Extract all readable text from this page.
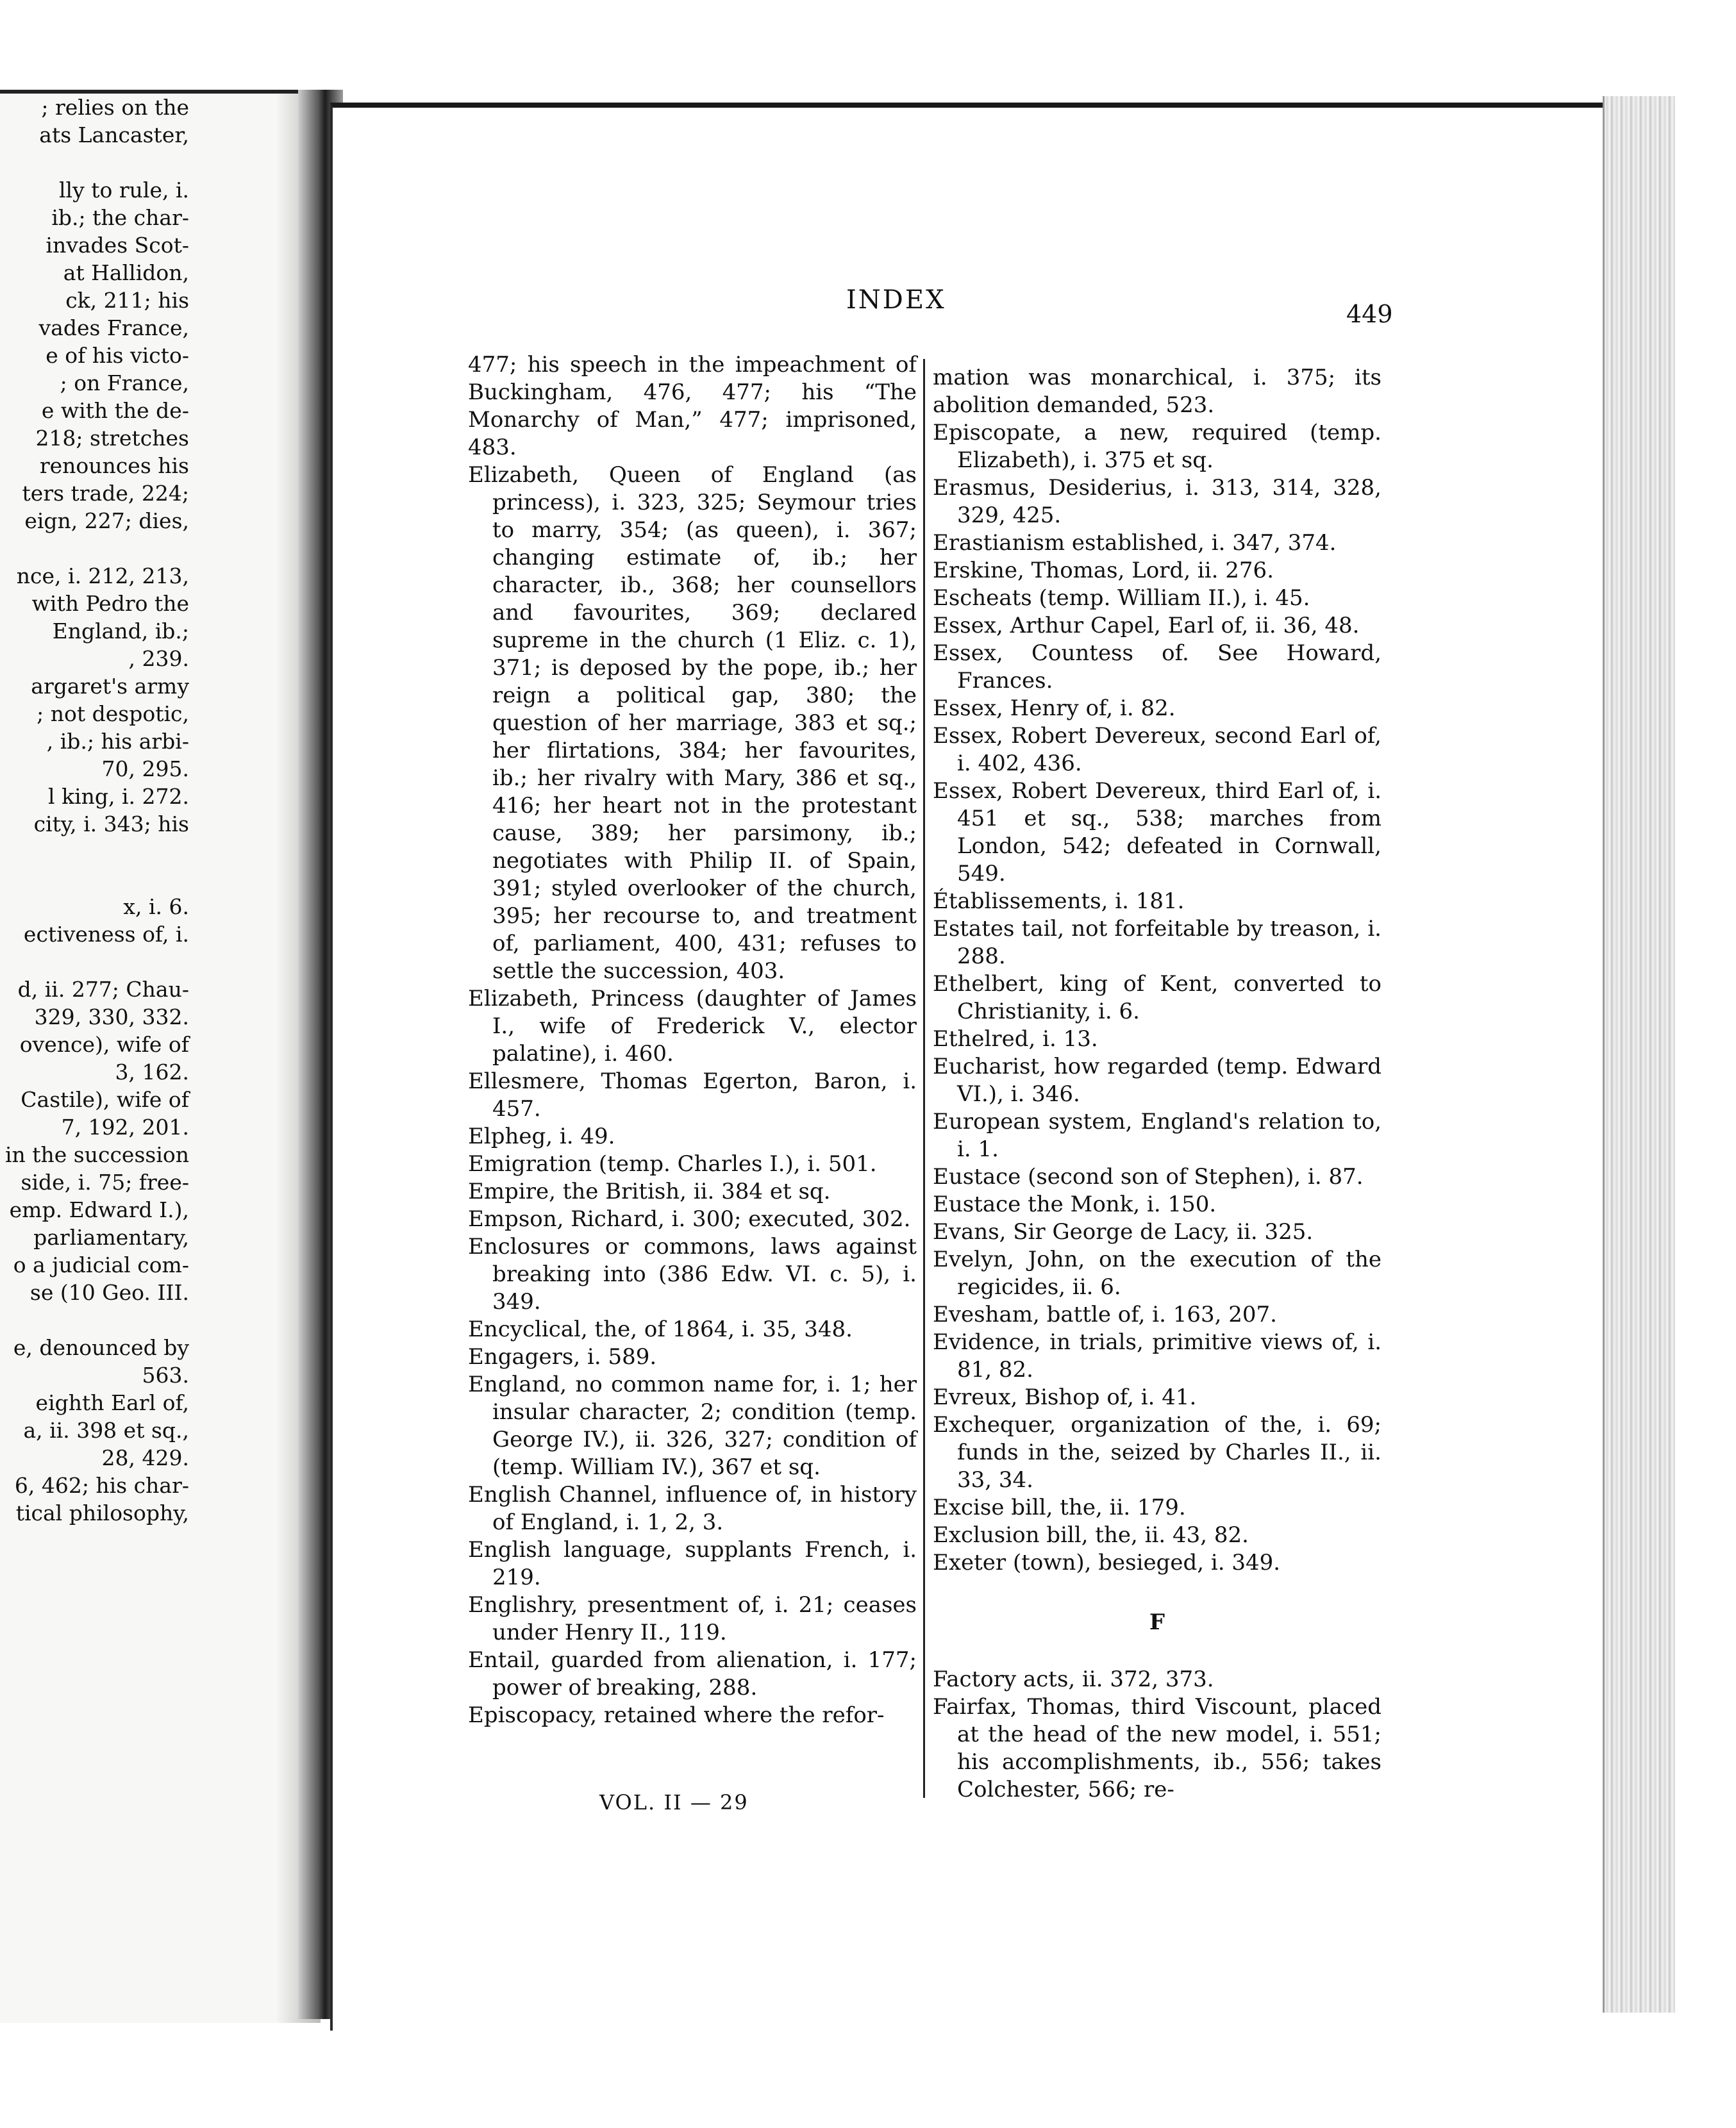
; relies on the
ats Lancaster,
lly to rule, i.
ib.; the char-
invades Scot-
at Hallidon,
ck, 211; his
vades France,
e of his victo-
; on France,
e with the de-
218; stretches
renounces his
ters trade, 224;
eign, 227; dies,
nce, i. 212, 213,
with Pedro the
England, ib.;
, 239.
argaret's army
; not despotic,
, ib.; his arbi-
70, 295.
l king, i. 272.
city, i. 343; his
x, i. 6.
ectiveness of, i.
d, ii. 277; Chau-
329, 330, 332.
ovence), wife of
3, 162.
Castile), wife of
7, 192, 201.
in the succession
side, i. 75; free-
emp. Edward I.),
parliamentary,
o a judicial com-
se (10 Geo. III.
e, denounced by
563.
eighth Earl of,
a, ii. 398 et sq.,
28, 429.
6, 462; his char-
tical philosophy,
INDEX	449
477; his speech in the impeachment of Buckingham, 476, 477; his “The Monarchy of Man,” 477; imprisoned, 483.
Elizabeth, Queen of England (as princess), i. 323, 325; Seymour tries to marry, 354; (as queen), i. 367; changing estimate of, ib.; her character, ib., 368; her counsellors and favourites, 369; declared supreme in the church (1 Eliz. c. 1), 371; is deposed by the pope, ib.; her reign a political gap, 380; the question of her marriage, 383 et sq.; her flirtations, 384; her favourites, ib.; her rivalry with Mary, 386 et sq., 416; her heart not in the protestant cause, 389; her parsimony, ib.; negotiates with Philip II. of Spain, 391; styled overlooker of the church, 395; her recourse to, and treatment of, parliament, 400, 431; refuses to settle the succession, 403.
Elizabeth, Princess (daughter of James I., wife of Frederick V., elector palatine), i. 460.
Ellesmere, Thomas Egerton, Baron, i. 457.
Elpheg, i. 49.
Emigration (temp. Charles I.), i. 501.
Empire, the British, ii. 384 et sq.
Empson, Richard, i. 300; executed, 302.
Enclosures or commons, laws against breaking into (386 Edw. VI. c. 5), i. 349.
Encyclical, the, of 1864, i. 35, 348.
Engagers, i. 589.
England, no common name for, i. 1; her insular character, 2; condition (temp. George IV.), ii. 326, 327; condition of (temp. William IV.), 367 et sq.
English Channel, influence of, in history of England, i. 1, 2, 3.
English language, supplants French, i. 219.
Englishry, presentment of, i. 21; ceases under Henry II., 119.
Entail, guarded from alienation, i. 177; power of breaking, 288.
Episcopacy, retained where the refor-
mation was monarchical, i. 375; its abolition demanded, 523.
Episcopate, a new, required (temp. Elizabeth), i. 375 et sq.
Erasmus, Desiderius, i. 313, 314, 328, 329, 425.
Erastianism established, i. 347, 374.
Erskine, Thomas, Lord, ii. 276.
Escheats (temp. William II.), i. 45.
Essex, Arthur Capel, Earl of, ii. 36, 48.
Essex, Countess of. See Howard, Frances.
Essex, Henry of, i. 82.
Essex, Robert Devereux, second Earl of, i. 402, 436.
Essex, Robert Devereux, third Earl of, i. 451 et sq., 538; marches from London, 542; defeated in Cornwall, 549.
Établissements, i. 181.
Estates tail, not forfeitable by treason, i. 288.
Ethelbert, king of Kent, converted to Christianity, i. 6.
Ethelred, i. 13.
Eucharist, how regarded (temp. Edward VI.), i. 346.
European system, England's relation to, i. 1.
Eustace (second son of Stephen), i. 87.
Eustace the Monk, i. 150.
Evans, Sir George de Lacy, ii. 325.
Evelyn, John, on the execution of the regicides, ii. 6.
Evesham, battle of, i. 163, 207.
Evidence, in trials, primitive views of, i. 81, 82.
Evreux, Bishop of, i. 41.
Exchequer, organization of the, i. 69; funds in the, seized by Charles II., ii. 33, 34.
Excise bill, the, ii. 179.
Exclusion bill, the, ii. 43, 82.
Exeter (town), besieged, i. 349.
F
Factory acts, ii. 372, 373.
Fairfax, Thomas, third Viscount, placed at the head of the new model, i. 551; his accomplishments, ib., 556; takes Colchester, 566; re-
VOL. II — 29
